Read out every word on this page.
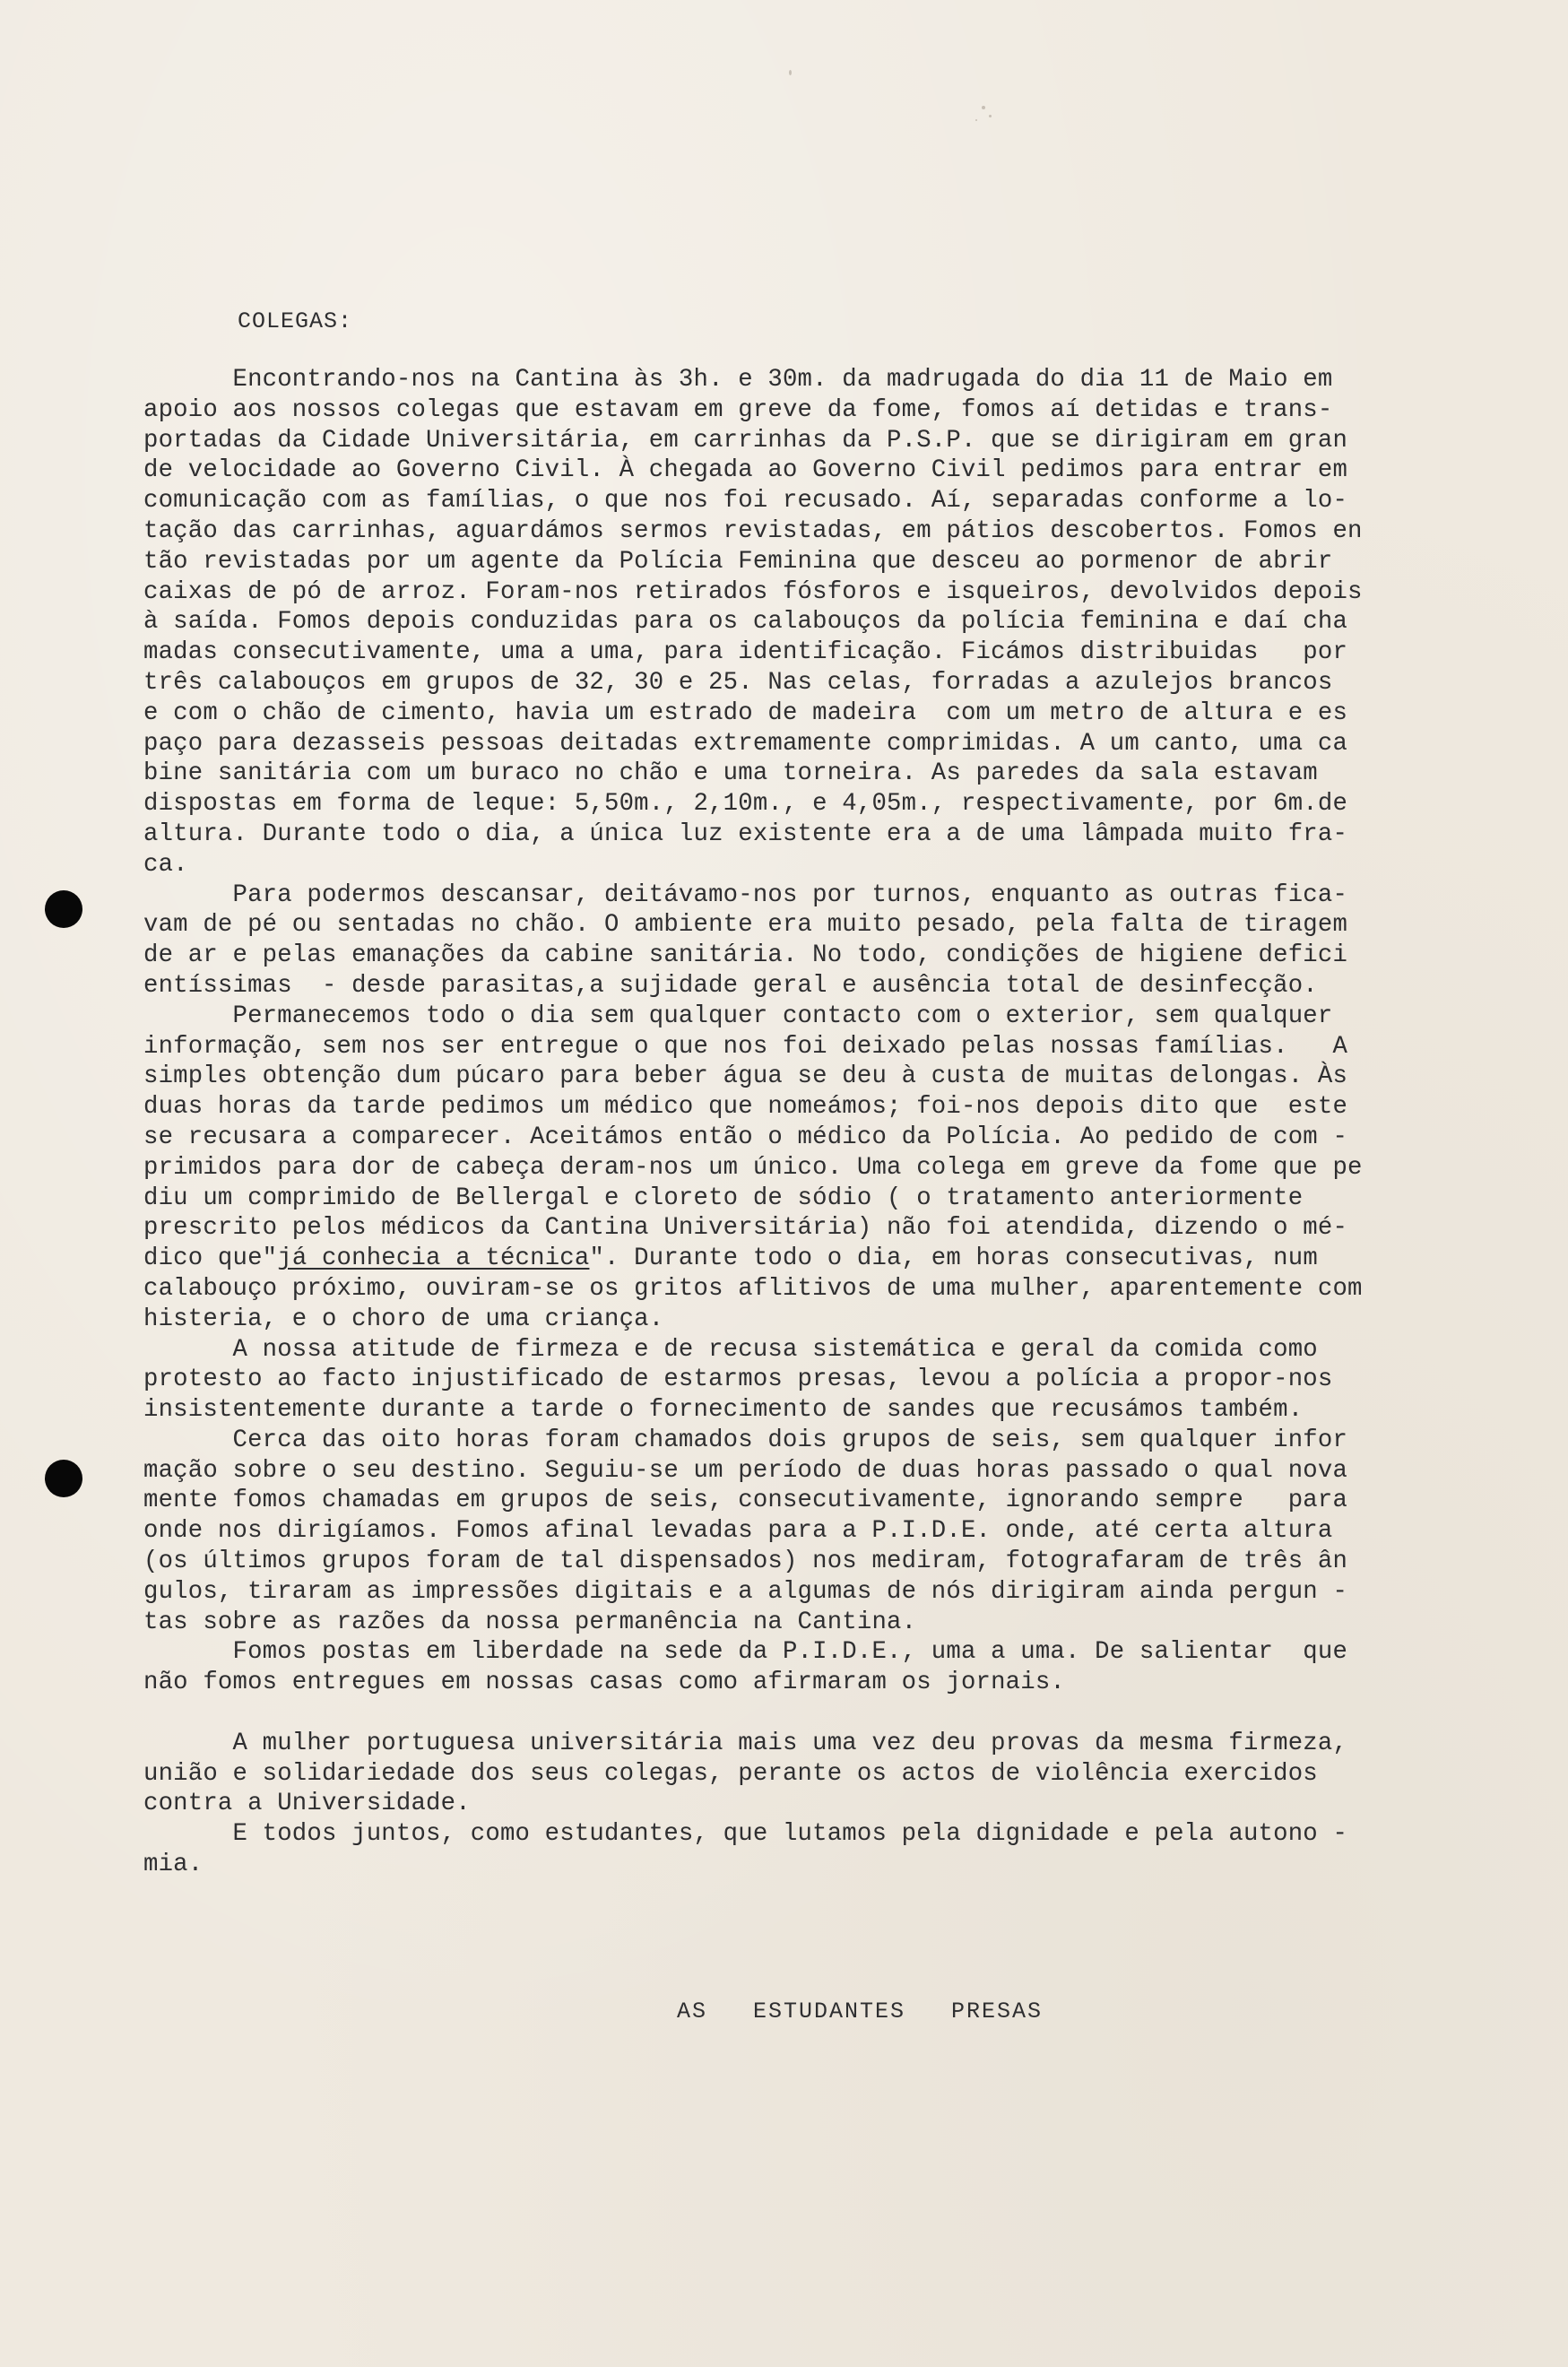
COLEGAS:
Encontrando-nos na Cantina às 3h. e 30m. da madrugada do dia 11 de Maio em
apoio aos nossos colegas que estavam em greve da fome, fomos aí detidas e trans-
portadas da Cidade Universitária, em carrinhas da P.S.P. que se dirigiram em gran
de velocidade ao Governo Civil. À chegada ao Governo Civil pedimos para entrar em
comunicação com as famílias, o que nos foi recusado. Aí, separadas conforme a lo-
tação das carrinhas, aguardámos sermos revistadas, em pátios descobertos. Fomos en
tão revistadas por um agente da Polícia Feminina que desceu ao pormenor de abrir
caixas de pó de arroz. Foram-nos retirados fósforos e isqueiros, devolvidos depois
à saída. Fomos depois conduzidas para os calabouços da polícia feminina e daí cha
madas consecutivamente, uma a uma, para identificação. Ficámos distribuidas   por
três calabouços em grupos de 32, 30 e 25. Nas celas, forradas a azulejos brancos
e com o chão de cimento, havia um estrado de madeira  com um metro de altura e es
paço para dezasseis pessoas deitadas extremamente comprimidas. A um canto, uma ca
bine sanitária com um buraco no chão e uma torneira. As paredes da sala estavam
dispostas em forma de leque: 5,50m., 2,10m., e 4,05m., respectivamente, por 6m.de
altura. Durante todo o dia, a única luz existente era a de uma lâmpada muito fra-
ca.
Para podermos descansar, deitávamo-nos por turnos, enquanto as outras fica-
vam de pé ou sentadas no chão. O ambiente era muito pesado, pela falta de tiragem
de ar e pelas emanações da cabine sanitária. No todo, condições de higiene defici
entíssimas  - desde parasitas,a sujidade geral e ausência total de desinfecção.
Permanecemos todo o dia sem qualquer contacto com o exterior, sem qualquer
informação, sem nos ser entregue o que nos foi deixado pelas nossas famílias.   A
simples obtenção dum púcaro para beber água se deu à custa de muitas delongas. Às
duas horas da tarde pedimos um médico que nomeámos; foi-nos depois dito que  este
se recusara a comparecer. Aceitámos então o médico da Polícia. Ao pedido de com -
primidos para dor de cabeça deram-nos um único. Uma colega em greve da fome que pe
diu um comprimido de Bellergal e cloreto de sódio ( o tratamento anteriormente
prescrito pelos médicos da Cantina Universitária) não foi atendida, dizendo o mé-
dico que"já conhecia a técnica". Durante todo o dia, em horas consecutivas, num
calabouço próximo, ouviram-se os gritos aflitivos de uma mulher, aparentemente com
histeria, e o choro de uma criança.
A nossa atitude de firmeza e de recusa sistemática e geral da comida como
protesto ao facto injustificado de estarmos presas, levou a polícia a propor-nos
insistentemente durante a tarde o fornecimento de sandes que recusámos também.
Cerca das oito horas foram chamados dois grupos de seis, sem qualquer infor
mação sobre o seu destino. Seguiu-se um período de duas horas passado o qual nova
mente fomos chamadas em grupos de seis, consecutivamente, ignorando sempre   para
onde nos dirigíamos. Fomos afinal levadas para a P.I.D.E. onde, até certa altura
(os últimos grupos foram de tal dispensados) nos mediram, fotografaram de três ân
gulos, tiraram as impressões digitais e a algumas de nós dirigiram ainda pergun -
tas sobre as razões da nossa permanência na Cantina.
Fomos postas em liberdade na sede da P.I.D.E., uma a uma. De salientar  que
não fomos entregues em nossas casas como afirmaram os jornais.
A mulher portuguesa universitária mais uma vez deu provas da mesma firmeza,
união e solidariedade dos seus colegas, perante os actos de violência exercidos
contra a Universidade.
E todos juntos, como estudantes, que lutamos pela dignidade e pela autono -
mia.
AS   ESTUDANTES   PRESAS
